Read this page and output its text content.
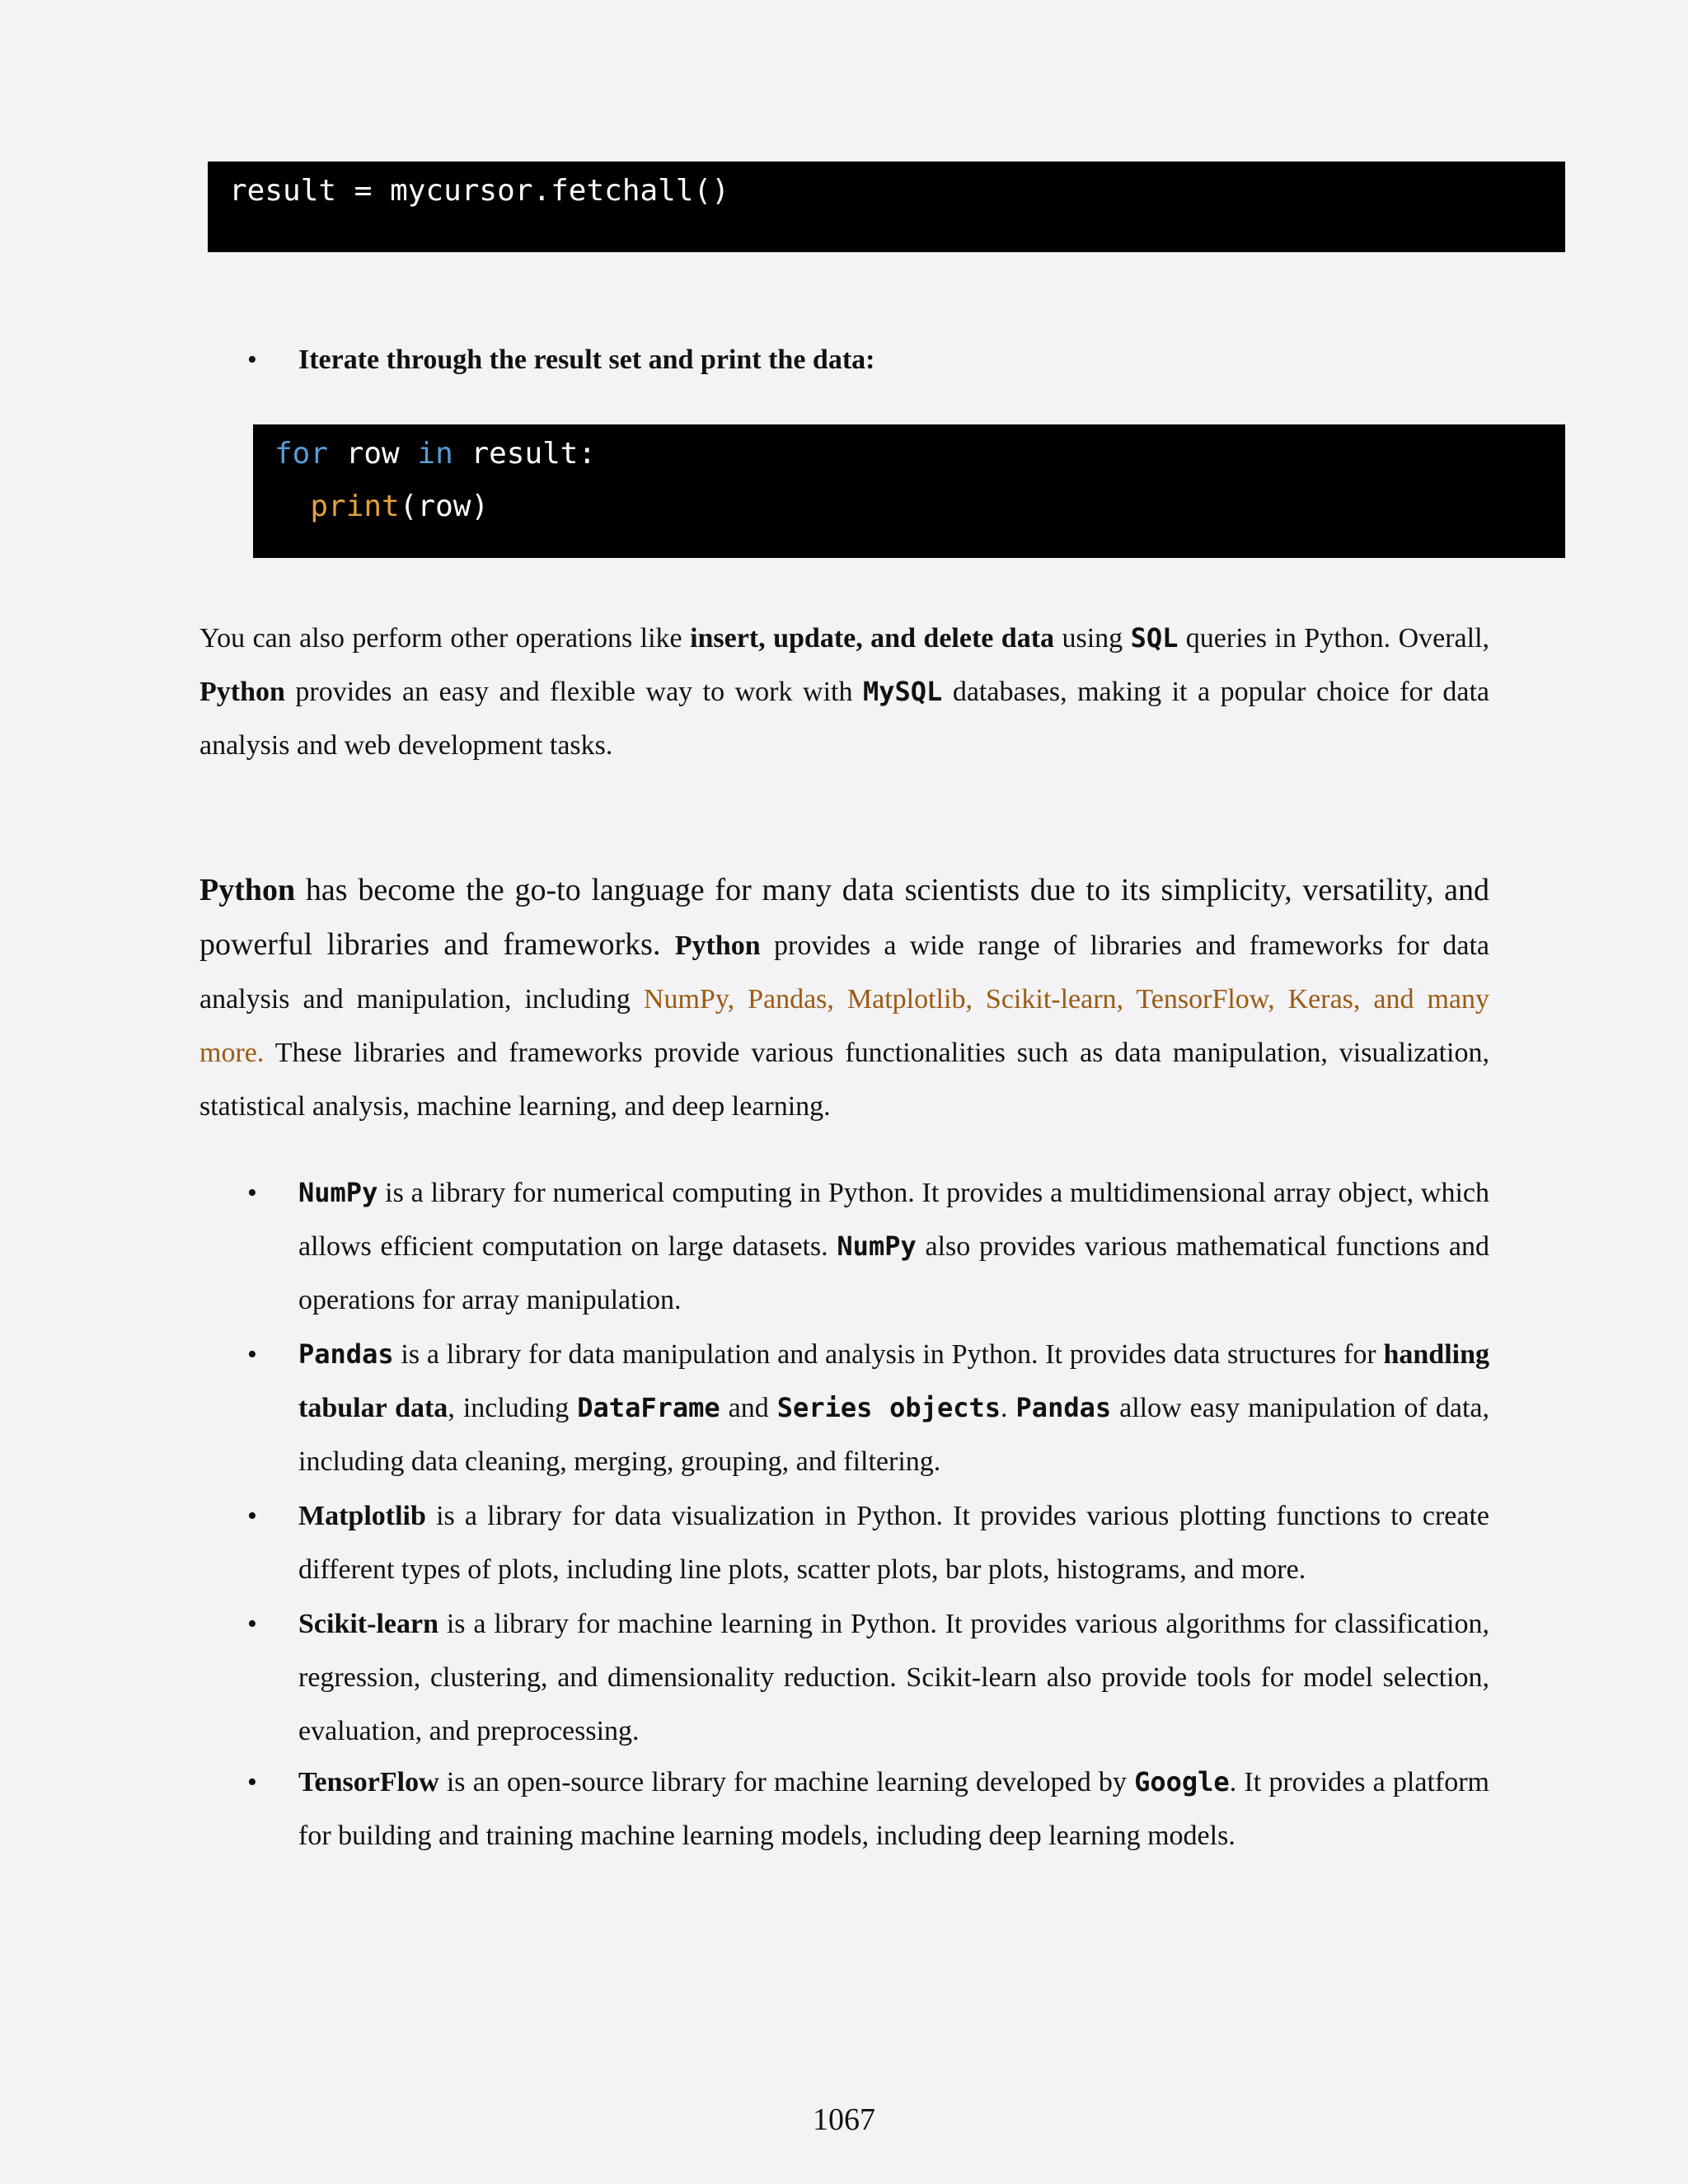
result = mycursor.fetchall()
• Iterate through the result set and print the data:
for row in result:
print(row)
You can also perform other operations like insert, update, and delete data using SQL queries in Python. Overall, Python provides an easy and flexible way to work with MySQL databases, making it a popular choice for data analysis and web development tasks.
Python has become the go-to language for many data scientists due to its simplicity, versatility, and powerful libraries and frameworks. Python provides a wide range of libraries and frameworks for data analysis and manipulation, including NumPy, Pandas, Matplotlib, Scikit-learn, TensorFlow, Keras, and many more. These libraries and frameworks provide various functionalities such as data manipulation, visualization, statistical analysis, machine learning, and deep learning.
• NumPy is a library for numerical computing in Python. It provides a multidimensional array object, which allows efficient computation on large datasets. NumPy also provides various mathematical functions and operations for array manipulation.
• Pandas is a library for data manipulation and analysis in Python. It provides data structures for handling tabular data, including DataFrame and Series objects. Pandas allow easy manipulation of data, including data cleaning, merging, grouping, and filtering.
• Matplotlib is a library for data visualization in Python. It provides various plotting functions to create different types of plots, including line plots, scatter plots, bar plots, histograms, and more.
• Scikit-learn is a library for machine learning in Python. It provides various algorithms for classification, regression, clustering, and dimensionality reduction. Scikit-learn also provide tools for model selection, evaluation, and preprocessing.
• TensorFlow is an open-source library for machine learning developed by Google. It provides a platform for building and training machine learning models, including deep learning models.
1067
